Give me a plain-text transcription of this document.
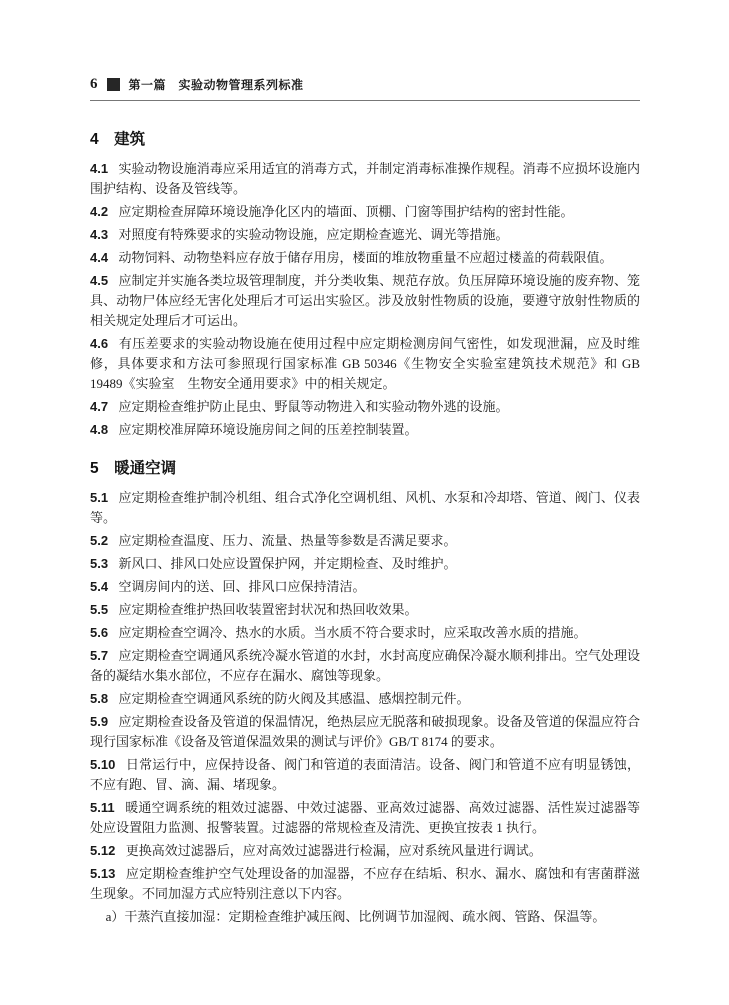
6	第一篇　实验动物管理系列标准
4 建筑

4.1 实验动物设施消毒应采用适宜的消毒方式，并制定消毒标准操作规程。消毒不应损坏设施内围护结构、设备及管线等。

4.2 应定期检查屏障环境设施净化区内的墙面、顶棚、门窗等围护结构的密封性能。

4.3 对照度有特殊要求的实验动物设施，应定期检查遮光、调光等措施。

4.4 动物饲料、动物垫料应存放于储存用房，楼面的堆放物重量不应超过楼盖的荷载限值。

4.5 应制定并实施各类垃圾管理制度，并分类收集、规范存放。负压屏障环境设施的废弃物、笼具、动物尸体应经无害化处理后才可运出实验区。涉及放射性物质的设施，要遵守放射性物质的相关规定处理后才可运出。

4.6 有压差要求的实验动物设施在使用过程中应定期检测房间气密性，如发现泄漏，应及时维修，具体要求和方法可参照现行国家标准 GB 50346《生物安全实验室建筑技术规范》和 GB 19489《实验室　生物安全通用要求》中的相关规定。

4.7 应定期检查维护防止昆虫、野鼠等动物进入和实验动物外逃的设施。

4.8 应定期校准屏障环境设施房间之间的压差控制装置。

5 暖通空调

5.1 应定期检查维护制冷机组、组合式净化空调机组、风机、水泵和冷却塔、管道、阀门、仪表等。

5.2 应定期检查温度、压力、流量、热量等参数是否满足要求。

5.3 新风口、排风口处应设置保护网，并定期检查、及时维护。

5.4 空调房间内的送、回、排风口应保持清洁。

5.5 应定期检查维护热回收装置密封状况和热回收效果。

5.6 应定期检查空调冷、热水的水质。当水质不符合要求时，应采取改善水质的措施。

5.7 应定期检查空调通风系统冷凝水管道的水封，水封高度应确保冷凝水顺利排出。空气处理设备的凝结水集水部位，不应存在漏水、腐蚀等现象。

5.8 应定期检查空调通风系统的防火阀及其感温、感烟控制元件。

5.9 应定期检查设备及管道的保温情况，绝热层应无脱落和破损现象。设备及管道的保温应符合现行国家标准《设备及管道保温效果的测试与评价》GB/T 8174 的要求。

5.10 日常运行中，应保持设备、阀门和管道的表面清洁。设备、阀门和管道不应有明显锈蚀，不应有跑、冒、滴、漏、堵现象。

5.11 暖通空调系统的粗效过滤器、中效过滤器、亚高效过滤器、高效过滤器、活性炭过滤器等处应设置阻力监测、报警装置。过滤器的常规检查及清洗、更换宜按表 1 执行。

5.12 更换高效过滤器后，应对高效过滤器进行检漏，应对系统风量进行调试。

5.13 应定期检查维护空气处理设备的加湿器，不应存在结垢、积水、漏水、腐蚀和有害菌群滋生现象。不同加湿方式应特别注意以下内容。

a）干蒸汽直接加湿：定期检查维护减压阀、比例调节加湿阀、疏水阀、管路、保温等。
